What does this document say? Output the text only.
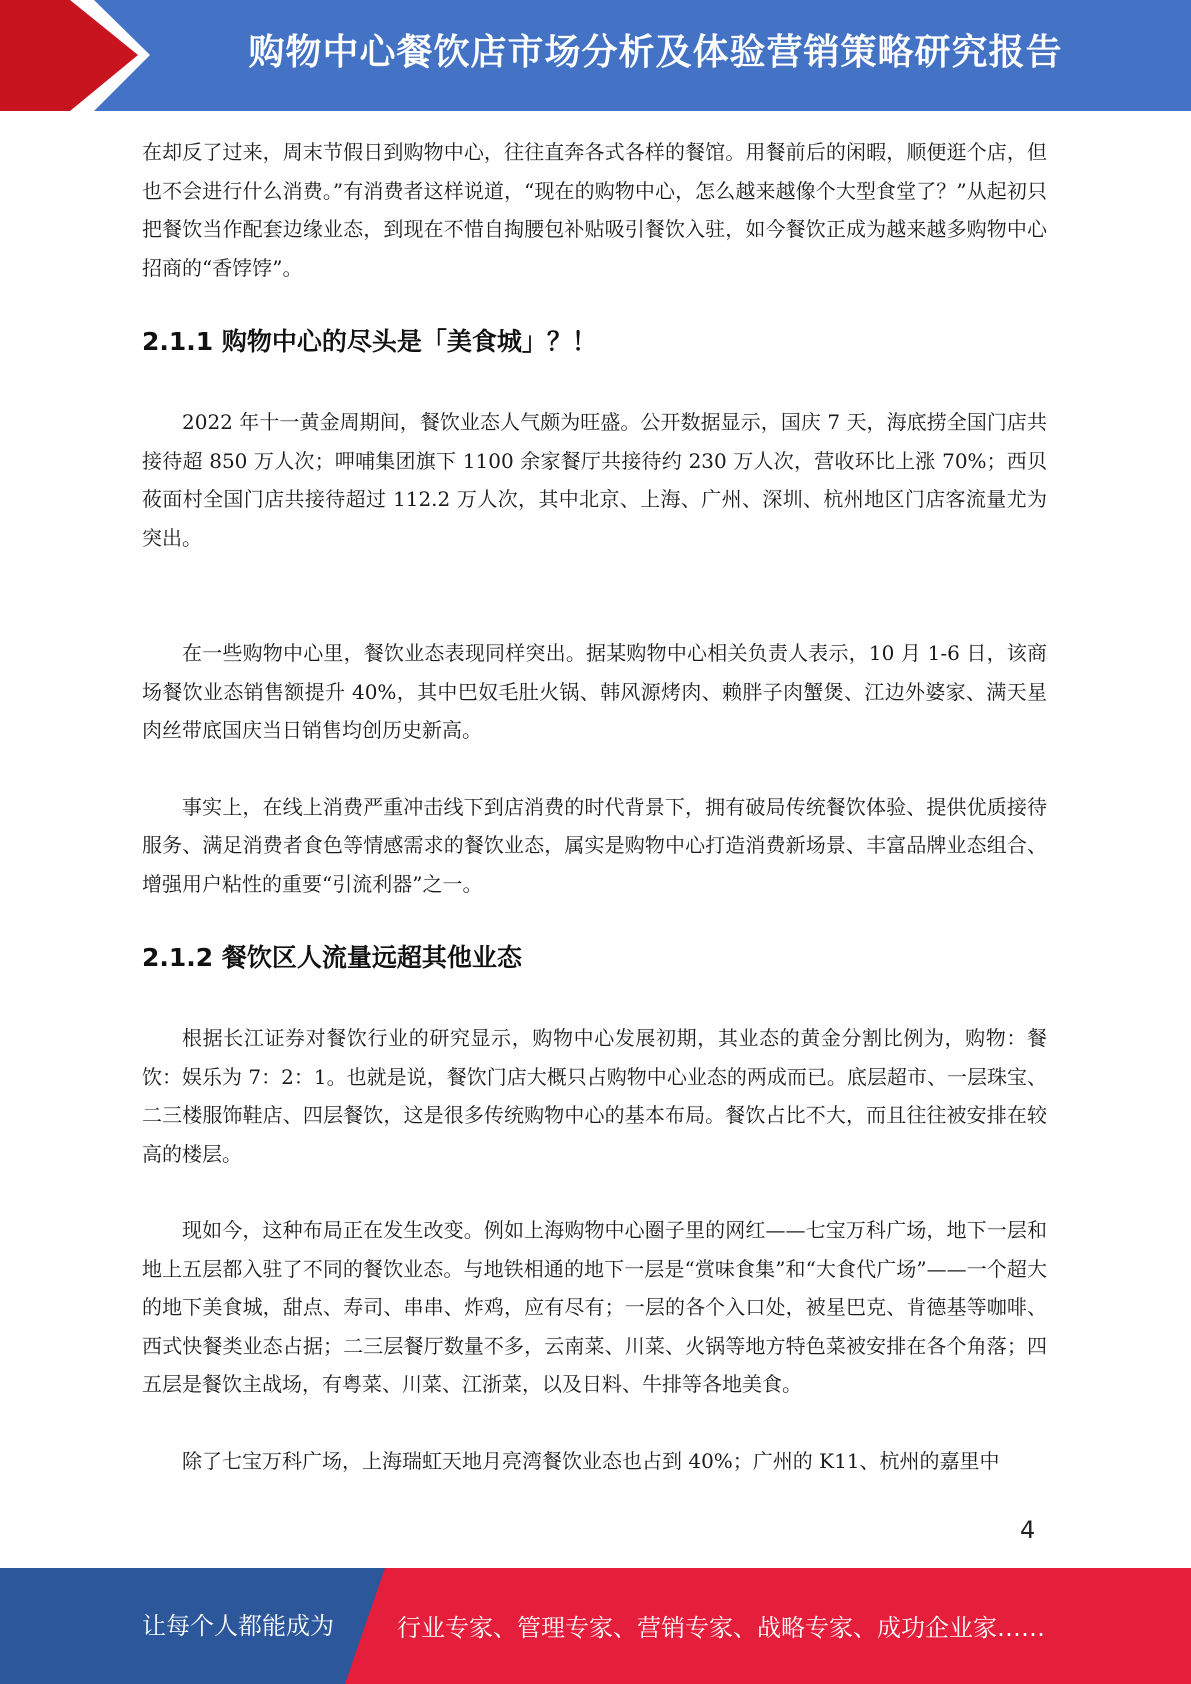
购物中心餐饮店市场分析及体验营销策略研究报告

在却反了过来，周末节假日到购物中心，往往直奔各式各样的餐馆。用餐前后的闲暇，顺便逛个店，但也不会进行什么消费。”有消费者这样说道，“现在的购物中心，怎么越来越像个大型食堂了？”从起初只把餐饮当作配套边缘业态，到现在不惜自掏腰包补贴吸引餐饮入驻，如今餐饮正成为越来越多购物中心招商的“香饽饽”。

2.1.1 购物中心的尽头是「美食城」？！

2022 年十一黄金周期间，餐饮业态人气颇为旺盛。公开数据显示，国庆 7 天，海底捞全国门店共接待超 850 万人次；呷哺集团旗下 1100 余家餐厅共接待约 230 万人次，营收环比上涨 70%；西贝莜面村全国门店共接待超过 112.2 万人次，其中北京、上海、广州、深圳、杭州地区门店客流量尤为突出。

在一些购物中心里，餐饮业态表现同样突出。据某购物中心相关负责人表示，10 月 1-6 日，该商场餐饮业态销售额提升 40%，其中巴奴毛肚火锅、韩风源烤肉、赖胖子肉蟹煲、江边外婆家、满天星肉丝带底国庆当日销售均创历史新高。

事实上，在线上消费严重冲击线下到店消费的时代背景下，拥有破局传统餐饮体验、提供优质接待服务、满足消费者食色等情感需求的餐饮业态，属实是购物中心打造消费新场景、丰富品牌业态组合、增强用户粘性的重要“引流利器”之一。

2.1.2 餐饮区人流量远超其他业态

根据长江证券对餐饮行业的研究显示，购物中心发展初期，其业态的黄金分割比例为，购物：餐饮：娱乐为 7：2：1。也就是说，餐饮门店大概只占购物中心业态的两成而已。底层超市、一层珠宝、二三楼服饰鞋店、四层餐饮，这是很多传统购物中心的基本布局。餐饮占比不大，而且往往被安排在较高的楼层。

现如今，这种布局正在发生改变。例如上海购物中心圈子里的网红——七宝万科广场，地下一层和地上五层都入驻了不同的餐饮业态。与地铁相通的地下一层是“赏味食集”和“大食代广场”——一个超大的地下美食城，甜点、寿司、串串、炸鸡，应有尽有；一层的各个入口处，被星巴克、肯德基等咖啡、西式快餐类业态占据；二三层餐厅数量不多，云南菜、川菜、火锅等地方特色菜被安排在各个角落；四五层是餐饮主战场，有粤菜、川菜、江浙菜，以及日料、牛排等各地美食。

除了七宝万科广场，上海瑞虹天地月亮湾餐饮业态也占到 40%；广州的 K11、杭州的嘉里中

4
让每个人都能成为	行业专家、管理专家、营销专家、战略专家、成功企业家……
